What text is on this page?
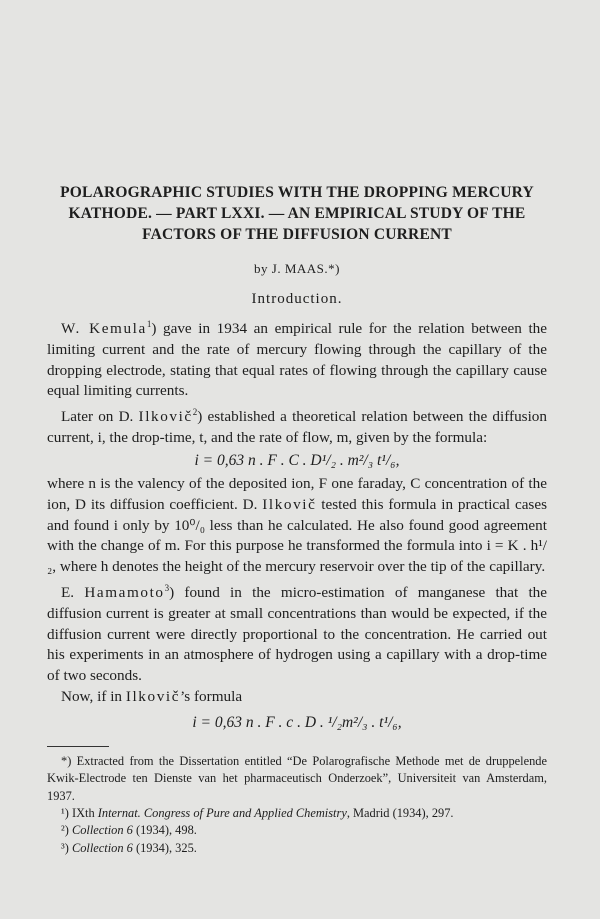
POLAROGRAPHIC STUDIES WITH THE DROPPING MERCURY
KATHODE. — PART LXXI. — AN EMPIRICAL STUDY OF THE
FACTORS OF THE DIFFUSION CURRENT
by J. MAAS.*)
Introduction.

W. Kemula$^1$) gave in 1934 an empirical rule for the relation between the limiting current and the rate of mercury flowing through the capillary of the dropping electrode, stating that equal rates of flowing through the capillary cause equal limiting currents.

Later on D. Ilkovič$^2$) established a theoretical relation between the diffusion current, i, the drop-time, t, and the rate of flow, m, given by the formula:

i = 0,63 n . F . C . D¹/₂ . m²/₃ t¹/₆,

where n is the valency of the deposited ion, F one faraday, C concentration of the ion, D its diffusion coefficient. D. Ilkovič tested this formula in practical cases and found i only by 10⁰/₀ less than he calculated. He also found good agreement with the change of m. For this purpose he transformed the formula into i = K . h¹/₂, where h denotes the height of the mercury reservoir over the tip of the capillary.

E. Hamamoto$^3$) found in the micro-estimation of manganese that the diffusion current is greater at small concentrations than would be expected, if the diffusion current were directly proportional to the concentration. He carried out his experiments in an atmosphere of hydrogen using a capillary with a drop-time of two seconds.

Now, if in Ilkovič’s formula

i = 0,63 n . F . c . D . ¹/₂m²/₃ . t¹/₆,

*) Extracted from the Dissertation entitled “De Polarografische Methode met de druppelende Kwik-Electrode ten Dienste van het pharmaceutisch Onderzoek”, Universiteit van Amsterdam, 1937.

¹) IXth Internat. Congress of Pure and Applied Chemistry, Madrid (1934), 297.

²) Collection 6 (1934), 498.

³) Collection 6 (1934), 325.
